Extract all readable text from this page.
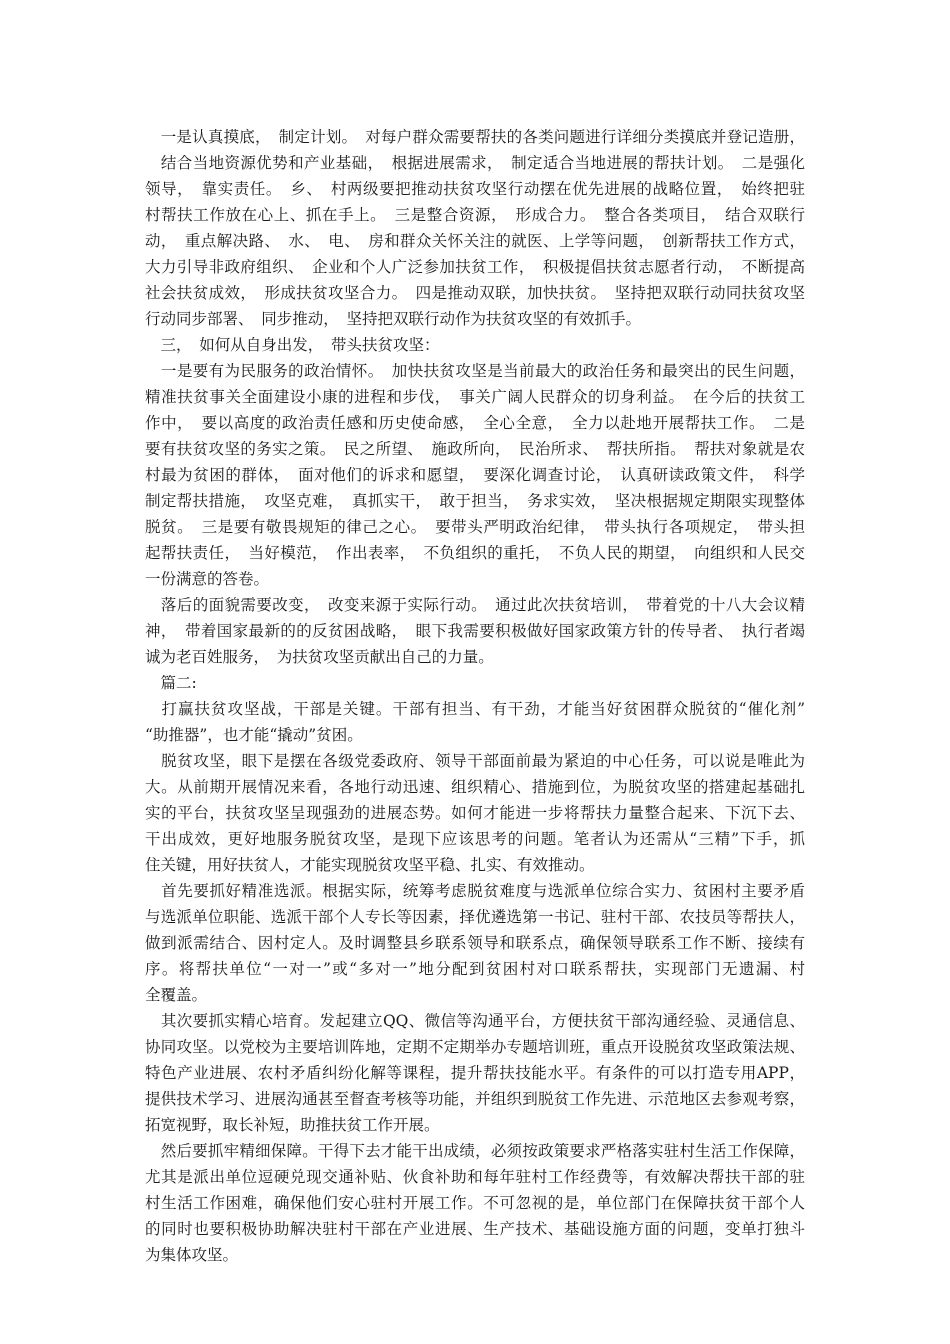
　一是认真摸底，　制定计划。　对每户群众需要帮扶的各类问题进行详细分类摸底并登记造册，
　结合当地资源优势和产业基础，　根据进展需求，　制定适合当地进展的帮扶计划。　二是强化
领导，　靠实责任。　乡、　村两级要把推动扶贫攻坚行动摆在优先进展的战略位置，　始终把驻
村帮扶工作放在心上、抓在手上。　三是整合资源，　形成合力。　整合各类项目，　结合双联行
动，　重点解决路、　水、　电、　房和群众关怀关注的就医、上学等问题，　创新帮扶工作方式，
大力引导非政府组织、　企业和个人广泛参加扶贫工作，　积极提倡扶贫志愿者行动，　不断提高
社会扶贫成效，　形成扶贫攻坚合力。　四是推动双联，加快扶贫。　坚持把双联行动同扶贫攻坚
行动同步部署、　同步推动，　坚持把双联行动作为扶贫攻坚的有效抓手。
　三，　如何从自身出发，　带头扶贫攻坚：
　一是要有为民服务的政治情怀。　加快扶贫攻坚是当前最大的政治任务和最突出的民生问题，
精准扶贫事关全面建设小康的进程和步伐，　事关广阔人民群众的切身利益。　在今后的扶贫工
作中，　要以高度的政治责任感和历史使命感，　全心全意，　全力以赴地开展帮扶工作。　二是
要有扶贫攻坚的务实之策。　民之所望、　施政所向，　民治所求、　帮扶所指。　帮扶对象就是农
村最为贫困的群体，　面对他们的诉求和愿望，　要深化调查讨论，　认真研读政策文件，　科学
制定帮扶措施，　攻坚克难，　真抓实干，　敢于担当，　务求实效，　坚决根据规定期限实现整体
脱贫。　三是要有敬畏规矩的律己之心。　要带头严明政治纪律，　带头执行各项规定，　带头担
起帮扶责任，　当好模范，　作出表率，　不负组织的重托，　不负人民的期望，　向组织和人民交
一份满意的答卷。
　落后的面貌需要改变，　改变来源于实际行动。　通过此次扶贫培训，　带着党的十八大会议精
神，　带着国家最新的的反贫困战略，　眼下我需要积极做好国家政策方针的传导者、　执行者竭
诚为老百姓服务，　为扶贫攻坚贡献出自己的力量。
　篇二:
　打赢扶贫攻坚战，干部是关键。干部有担当、有干劲，才能当好贫困群众脱贫的“催化剂”
“助推器”，也才能“撬动”贫困。
　脱贫攻坚，眼下是摆在各级党委政府、领导干部面前最为紧迫的中心任务，可以说是唯此为
大。从前期开展情况来看，各地行动迅速、组织精心、措施到位，为脱贫攻坚的搭建起基础扎
实的平台，扶贫攻坚呈现强劲的进展态势。如何才能进一步将帮扶力量整合起来、下沉下去、
干出成效，更好地服务脱贫攻坚，是现下应该思考的问题。笔者认为还需从“三精”下手，抓
住关键，用好扶贫人，才能实现脱贫攻坚平稳、扎实、有效推动。
　首先要抓好精准选派。根据实际，统筹考虑脱贫难度与选派单位综合实力、贫困村主要矛盾
与选派单位职能、选派干部个人专长等因素，择优遴选第一书记、驻村干部、农技员等帮扶人，
做到派需结合、因村定人。及时调整县乡联系领导和联系点，确保领导联系工作不断、接续有
序。将帮扶单位“一对一”或“多对一”地分配到贫困村对口联系帮扶，实现部门无遗漏、村
全覆盖。
　其次要抓实精心培育。发起建立QQ、微信等沟通平台，方便扶贫干部沟通经验、灵通信息、
协同攻坚。以党校为主要培训阵地，定期不定期举办专题培训班，重点开设脱贫攻坚政策法规、
特色产业进展、农村矛盾纠纷化解等课程，提升帮扶技能水平。有条件的可以打造专用APP，
提供技术学习、进展沟通甚至督查考核等功能，并组织到脱贫工作先进、示范地区去参观考察，
拓宽视野，取长补短，助推扶贫工作开展。
　然后要抓牢精细保障。干得下去才能干出成绩，必须按政策要求严格落实驻村生活工作保障，
尤其是派出单位逗硬兑现交通补贴、伙食补助和每年驻村工作经费等，有效解决帮扶干部的驻
村生活工作困难，确保他们安心驻村开展工作。不可忽视的是，单位部门在保障扶贫干部个人
的同时也要积极协助解决驻村干部在产业进展、生产技术、基础设施方面的问题，变单打独斗
为集体攻坚。
